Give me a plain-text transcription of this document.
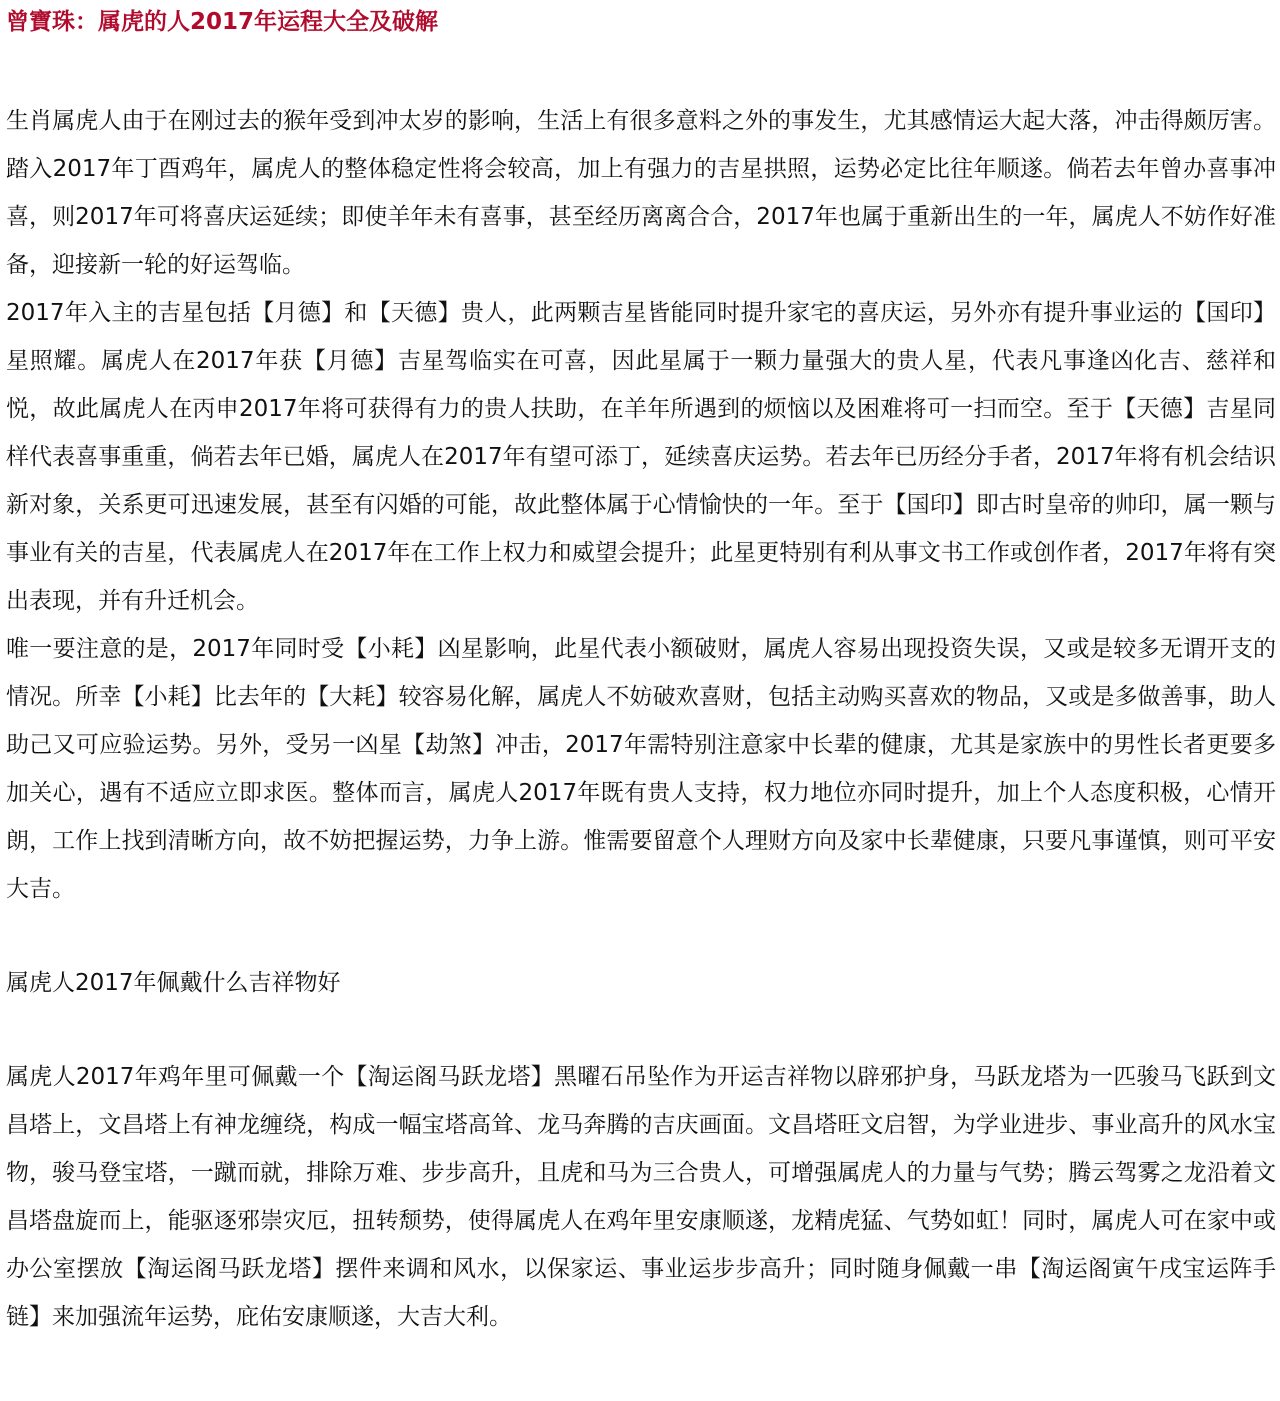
曾寶珠：属虎的人2017年运程大全及破解

生肖属虎人由于在刚过去的猴年受到冲太岁的影响，生活上有很多意料之外的事发生，尤其感情运大起大落，冲击得颇厉害。踏入2017年丁酉鸡年，属虎人的整体稳定性将会较高，加上有强力的吉星拱照，运势必定比往年顺遂。倘若去年曾办喜事冲喜，则2017年可将喜庆运延续；即使羊年未有喜事，甚至经历离离合合，2017年也属于重新出生的一年，属虎人不妨作好准备，迎接新一轮的好运驾临。

2017年入主的吉星包括【月德】和【天德】贵人，此两颗吉星皆能同时提升家宅的喜庆运，另外亦有提升事业运的【国印】星照耀。属虎人在2017年获【月德】吉星驾临实在可喜，因此星属于一颗力量强大的贵人星，代表凡事逢凶化吉、慈祥和悦，故此属虎人在丙申2017年将可获得有力的贵人扶助，在羊年所遇到的烦恼以及困难将可一扫而空。至于【天德】吉星同样代表喜事重重，倘若去年已婚，属虎人在2017年有望可添丁，延续喜庆运势。若去年已历经分手者，2017年将有机会结识新对象，关系更可迅速发展，甚至有闪婚的可能，故此整体属于心情愉快的一年。至于【国印】即古时皇帝的帅印，属一颗与事业有关的吉星，代表属虎人在2017年在工作上权力和威望会提升；此星更特别有利从事文书工作或创作者，2017年将有突出表现，并有升迁机会。

唯一要注意的是，2017年同时受【小耗】凶星影响，此星代表小额破财，属虎人容易出现投资失误，又或是较多无谓开支的情况。所幸【小耗】比去年的【大耗】较容易化解，属虎人不妨破欢喜财，包括主动购买喜欢的物品，又或是多做善事，助人助己又可应验运势。另外，受另一凶星【劫煞】冲击，2017年需特别注意家中长辈的健康，尤其是家族中的男性长者更要多加关心，遇有不适应立即求医。整体而言，属虎人2017年既有贵人支持，权力地位亦同时提升，加上个人态度积极，心情开朗，工作上找到清晰方向，故不妨把握运势，力争上游。惟需要留意个人理财方向及家中长辈健康，只要凡事谨慎，则可平安大吉。

属虎人2017年佩戴什么吉祥物好

属虎人2017年鸡年里可佩戴一个【淘运阁马跃龙塔】黑曜石吊坠作为开运吉祥物以辟邪护身，马跃龙塔为一匹骏马飞跃到文昌塔上，文昌塔上有神龙缠绕，构成一幅宝塔高耸、龙马奔腾的吉庆画面。文昌塔旺文启智，为学业进步、事业高升的风水宝物，骏马登宝塔，一蹴而就，排除万难、步步高升，且虎和马为三合贵人，可增强属虎人的力量与气势；腾云驾雾之龙沿着文昌塔盘旋而上，能驱逐邪崇灾厄，扭转颓势，使得属虎人在鸡年里安康顺遂，龙精虎猛、气势如虹！同时，属虎人可在家中或办公室摆放【淘运阁马跃龙塔】摆件来调和风水，以保家运、事业运步步高升；同时随身佩戴一串【淘运阁寅午戌宝运阵手链】来加强流年运势，庇佑安康顺遂，大吉大利。
